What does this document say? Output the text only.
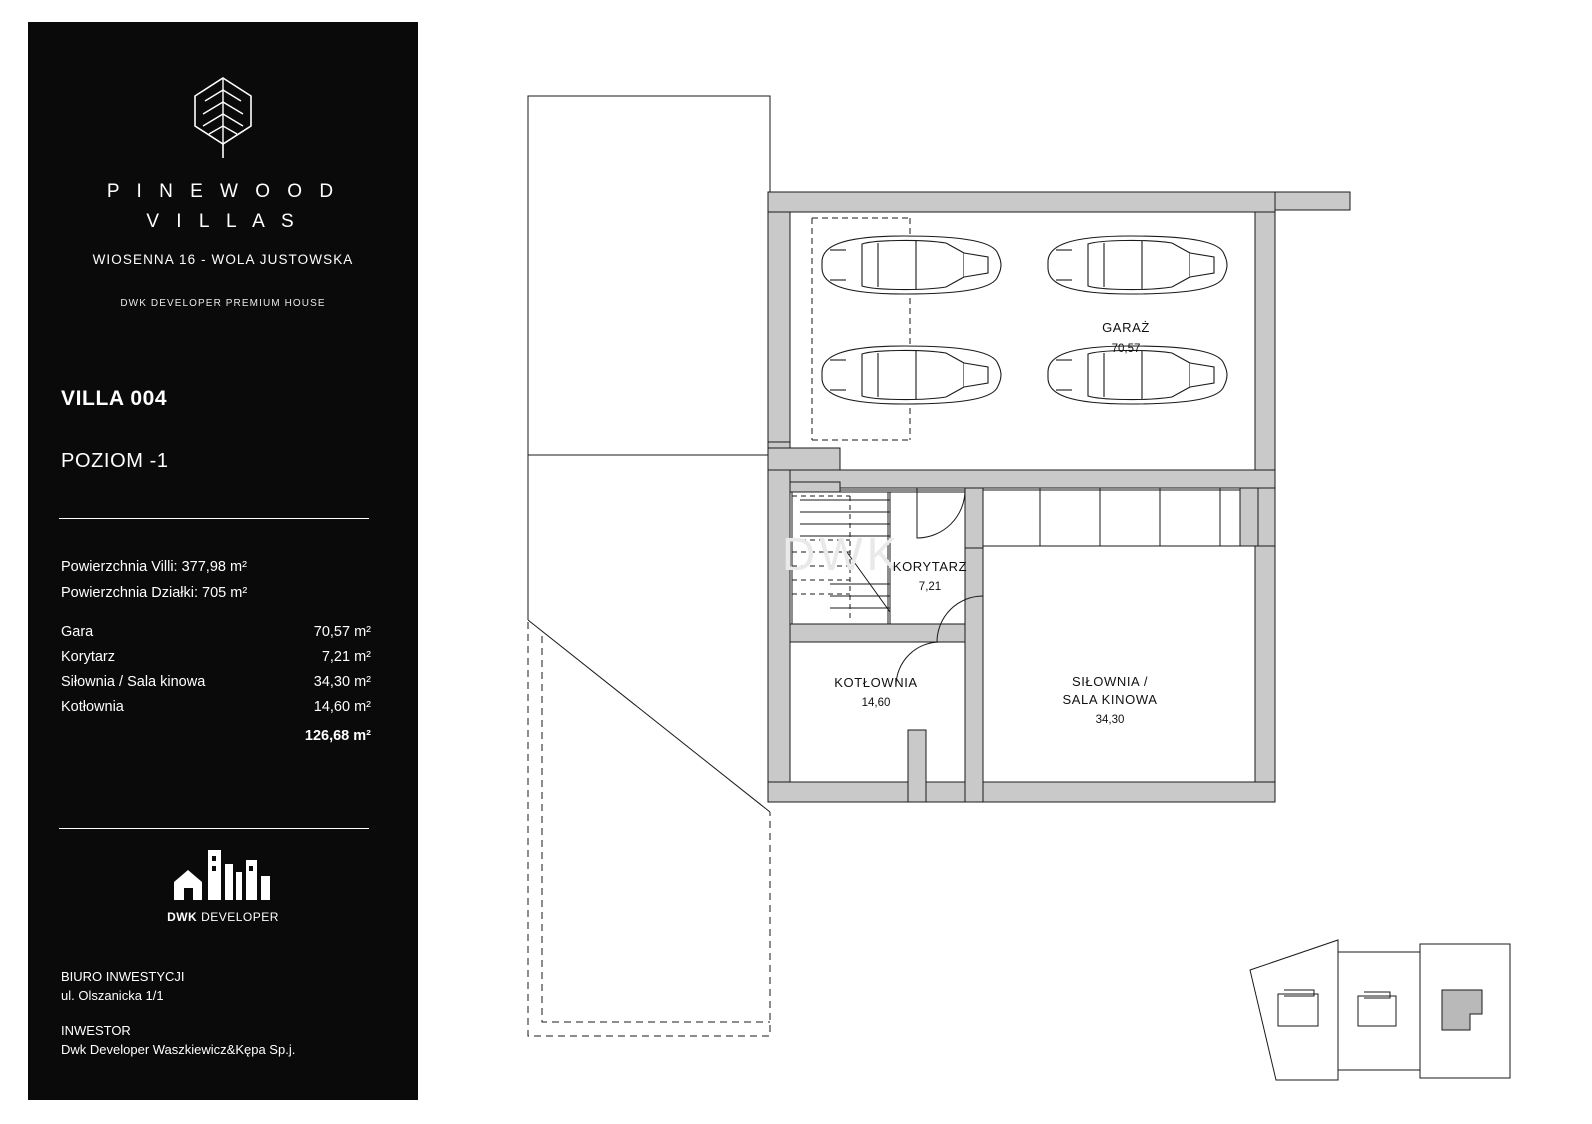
P I N E W O O D
V I L L A S
WIOSENNA 16 - WOLA JUSTOWSKA
DWK DEVELOPER PREMIUM HOUSE
VILLA 004
POZIOM -1
Powierzchnia Villi: 377,98 m²
Powierzchnia Działki: 705 m²
Gara	70,57 m²
Korytarz	7,21 m²
Siłownia / Sala kinowa	34,30 m²
Kotłownia	14,60 m²
	126,68 m²
DWK DEVELOPER
BIURO INWESTYCJI
ul. Olszanicka 1/1
INWESTOR
Dwk Developer Waszkiewicz&Kępa Sp.j.
DWK
GARAŻ
70,57
KORYTARZ
7,21
KOTŁOWNIA
14,60
SIŁOWNIA /
SALA KINOWA
34,30
